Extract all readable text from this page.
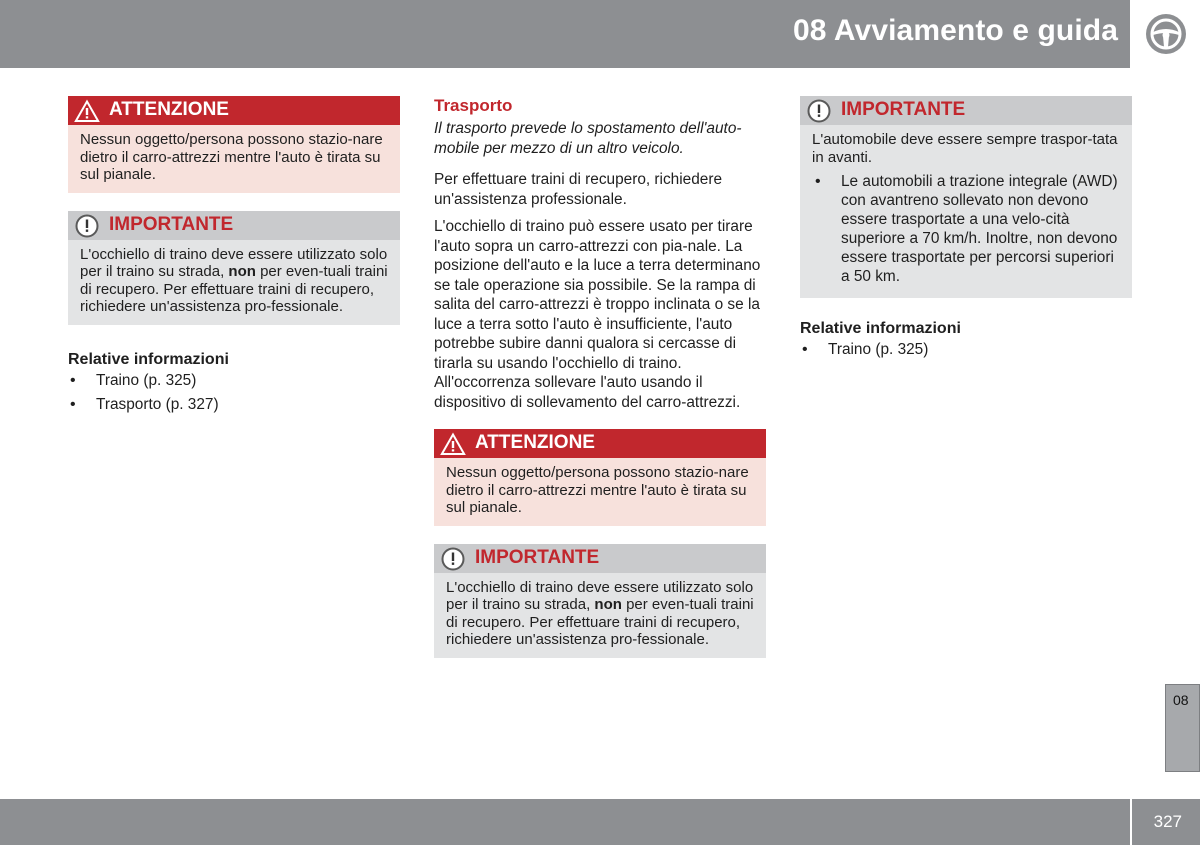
08 Avviamento e guida
ATTENZIONE
Nessun oggetto/persona possono stazio-nare dietro il carro-attrezzi mentre l'auto è tirata su sul pianale.
IMPORTANTE
L'occhiello di traino deve essere utilizzato solo per il traino su strada, non per even-tuali traini di recupero. Per effettuare traini di recupero, richiedere un'assistenza pro-fessionale.
Relative informazioni
• Traino (p. 325)
• Trasporto (p. 327)
Trasporto
Il trasporto prevede lo spostamento dell'auto-mobile per mezzo di un altro veicolo.
Per effettuare traini di recupero, richiedere un'assistenza professionale.
L'occhiello di traino può essere usato per tirare l'auto sopra un carro-attrezzi con pia-nale. La posizione dell'auto e la luce a terra determinano se tale operazione sia possibile. Se la rampa di salita del carro-attrezzi è troppo inclinata o se la luce a terra sotto l'auto è insufficiente, l'auto potrebbe subire danni qualora si cercasse di tirarla su usando l'occhiello di traino. All'occorrenza sollevare l'auto usando il dispositivo di sollevamento del carro-attrezzi.
ATTENZIONE
Nessun oggetto/persona possono stazio-nare dietro il carro-attrezzi mentre l'auto è tirata su sul pianale.
IMPORTANTE
L'occhiello di traino deve essere utilizzato solo per il traino su strada, non per even-tuali traini di recupero. Per effettuare traini di recupero, richiedere un'assistenza pro-fessionale.
IMPORTANTE
L'automobile deve essere sempre traspor-tata in avanti.
• Le automobili a trazione integrale (AWD) con avantreno sollevato non devono essere trasportate a una velo-cità superiore a 70 km/h. Inoltre, non devono essere trasportate per percorsi superiori a 50 km.
Relative informazioni
• Traino (p. 325)
08
327
